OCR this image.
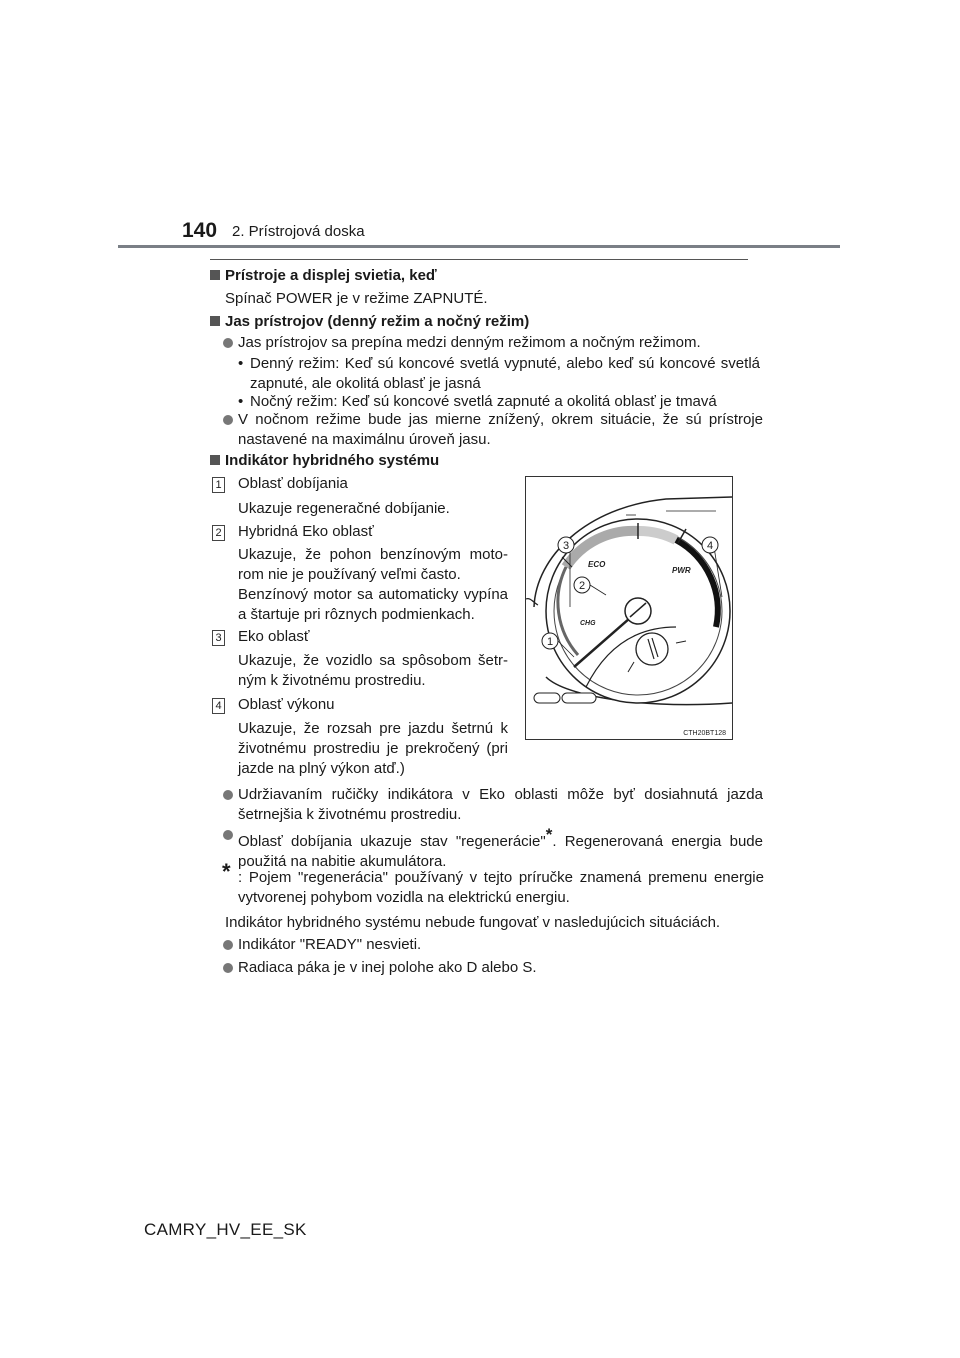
140 2. Prístrojová doska
Prístroje a displej svietia, keď
Spínač POWER je v režime ZAPNUTÉ.
Jas prístrojov (denný režim a nočný režim)
Jas prístrojov sa prepína medzi denným režimom a nočným režimom.
• Denný režim: Keď sú koncové svetlá vypnuté, alebo keď sú koncové svetlá zapnuté, ale okolitá oblasť je jasná
• Nočný režim: Keď sú koncové svetlá zapnuté a okolitá oblasť je tmavá
V nočnom režime bude jas mierne znížený, okrem situácie, že sú prístroje nastavené na maximálnu úroveň jasu.
Indikátor hybridného systému
1 Oblasť dobíjania
Ukazuje regeneračné dobíjanie.
2 Hybridná Eko oblasť
Ukazuje, že pohon benzínovým moto-rom nie je používaný veľmi často.
Benzínový motor sa automaticky vypína a štartuje pri rôznych podmienkach.
3 Eko oblasť
Ukazuje, že vozidlo sa spôsobom šetr-ným k životnému prostrediu.
4 Oblasť výkonu
Ukazuje, že rozsah pre jazdu šetrnú k životnému prostrediu je prekročený (pri jazde na plný výkon atď.)
ECO
PWR
CHG
3	4
2
1
CTH20BT128
Udržiavaním ručičky indikátora v Eko oblasti môže byť dosiahnutá jazda šetrnejšia k životnému prostrediu.
Oblasť dobíjania ukazuje stav "regenerácie"*. Regenerovaná energia bude použitá na nabitie akumulátora.
* : Pojem "regenerácia" používaný v tejto príručke znamená premenu energie vytvorenej pohybom vozidla na elektrickú energiu.
Indikátor hybridného systému nebude fungovať v nasledujúcich situáciách.
Indikátor "READY" nesvieti.
Radiaca páka je v inej polohe ako D alebo S.
CAMRY_HV_EE_SK
